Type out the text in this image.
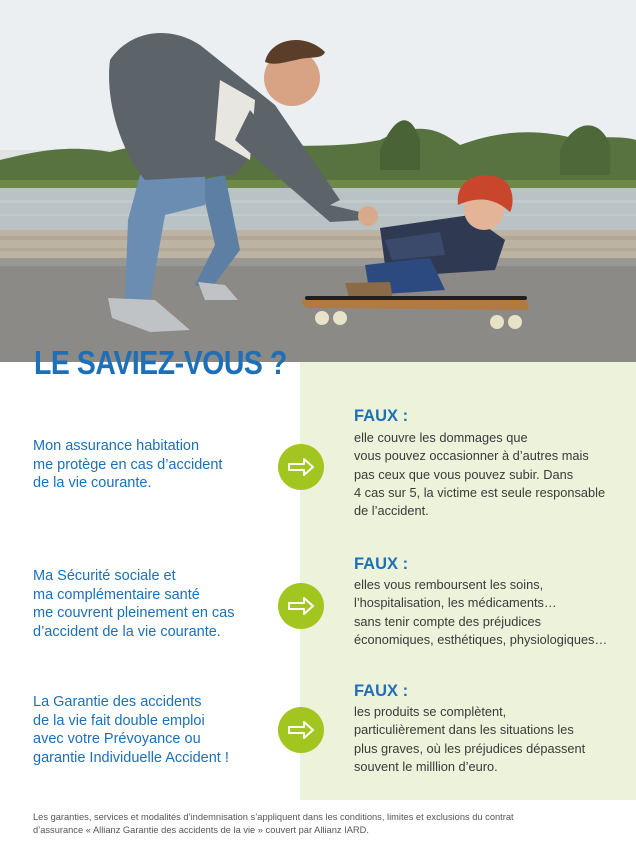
LE SAVIEZ-VOUS ?

Mon assurance habitation
me protège en cas d’accident
de la vie courante.

FAUX :

elle couvre les dommages que
vous pouvez occasionner à d’autres mais
pas ceux que vous pouvez subir. Dans
4 cas sur 5, la victime est seule responsable
de l’accident.

Ma Sécurité sociale et
ma complémentaire santé
me couvrent pleinement en cas
d’accident de la vie courante.

FAUX :

elles vous remboursent les soins,
l’hospitalisation, les médicaments…
sans tenir compte des préjudices
économiques, esthétiques, physiologiques…

La Garantie des accidents
de la vie fait double emploi
avec votre Prévoyance ou
garantie Individuelle Accident !

FAUX :

les produits se complètent,
particulièrement dans les situations les
plus graves, où les préjudices dépassent
souvent le milllion d’euro.

Les garanties, services et modalités d’indemnisation s’appliquent dans les conditions, limites et exclusions du contrat
d’assurance « Allianz Garantie des accidents de la vie » couvert par Allianz IARD.
